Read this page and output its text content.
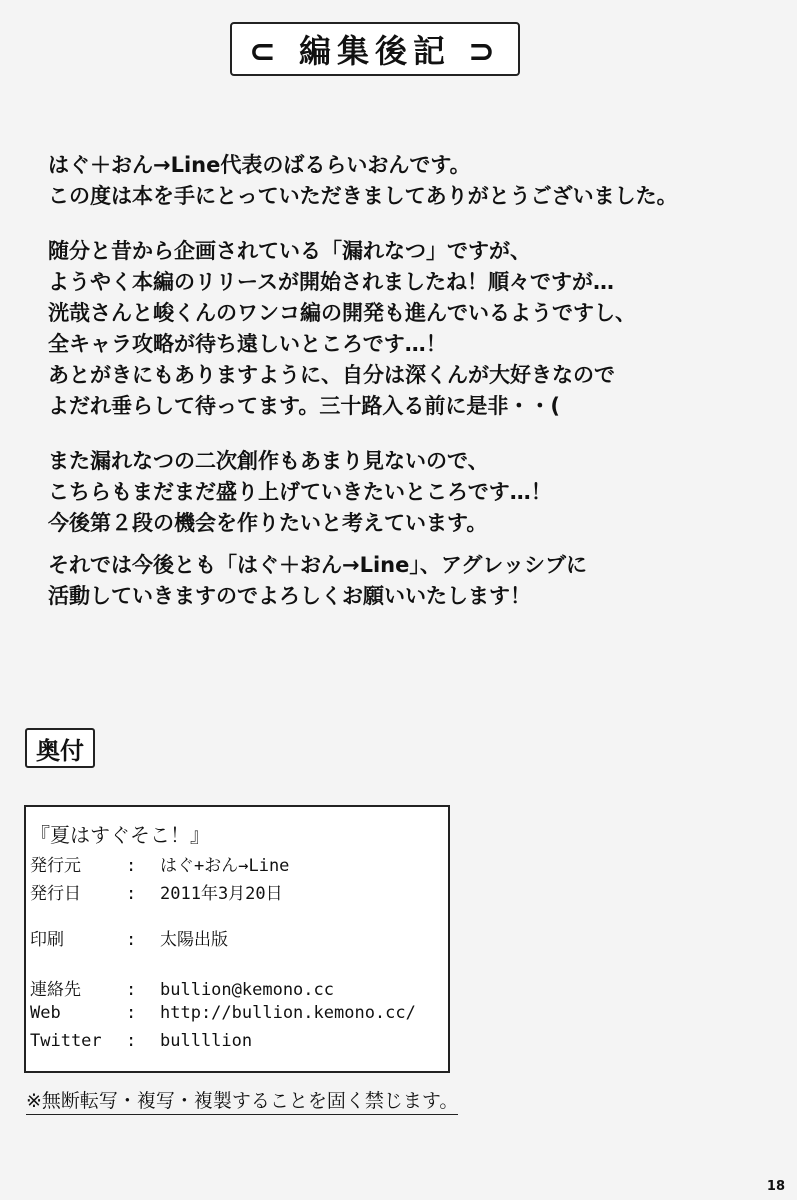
⊂ 編集後記 ⊃
はぐ＋おん→Line代表のばるらいおんです。
この度は本を手にとっていただきましてありがとうございました。
随分と昔から企画されている「漏れなつ」ですが、
ようやく本編のリリースが開始されましたね！順々ですが…
洸哉さんと峻くんのワンコ編の開発も進んでいるようですし、
全キャラ攻略が待ち遠しいところです…！
あとがきにもありますように、自分は深くんが大好きなので
よだれ垂らして待ってます。三十路入る前に是非・・(
また漏れなつの二次創作もあまり見ないので、
こちらもまだまだ盛り上げていきたいところです…！
今後第２段の機会を作りたいと考えています。
それでは今後とも「はぐ＋おん→Line」、アグレッシブに
活動していきますのでよろしくお願いいたします！
奥付
『夏はすぐそこ！』
発行元	: はぐ+おん→Line
発行日	: 2011年3月20日
印刷	: 太陽出版
連絡先	: bullion@kemono.cc
Web	: http://bullion.kemono.cc/
Twitter : bullllion
※無断転写・複写・複製することを固く禁じます。
18
